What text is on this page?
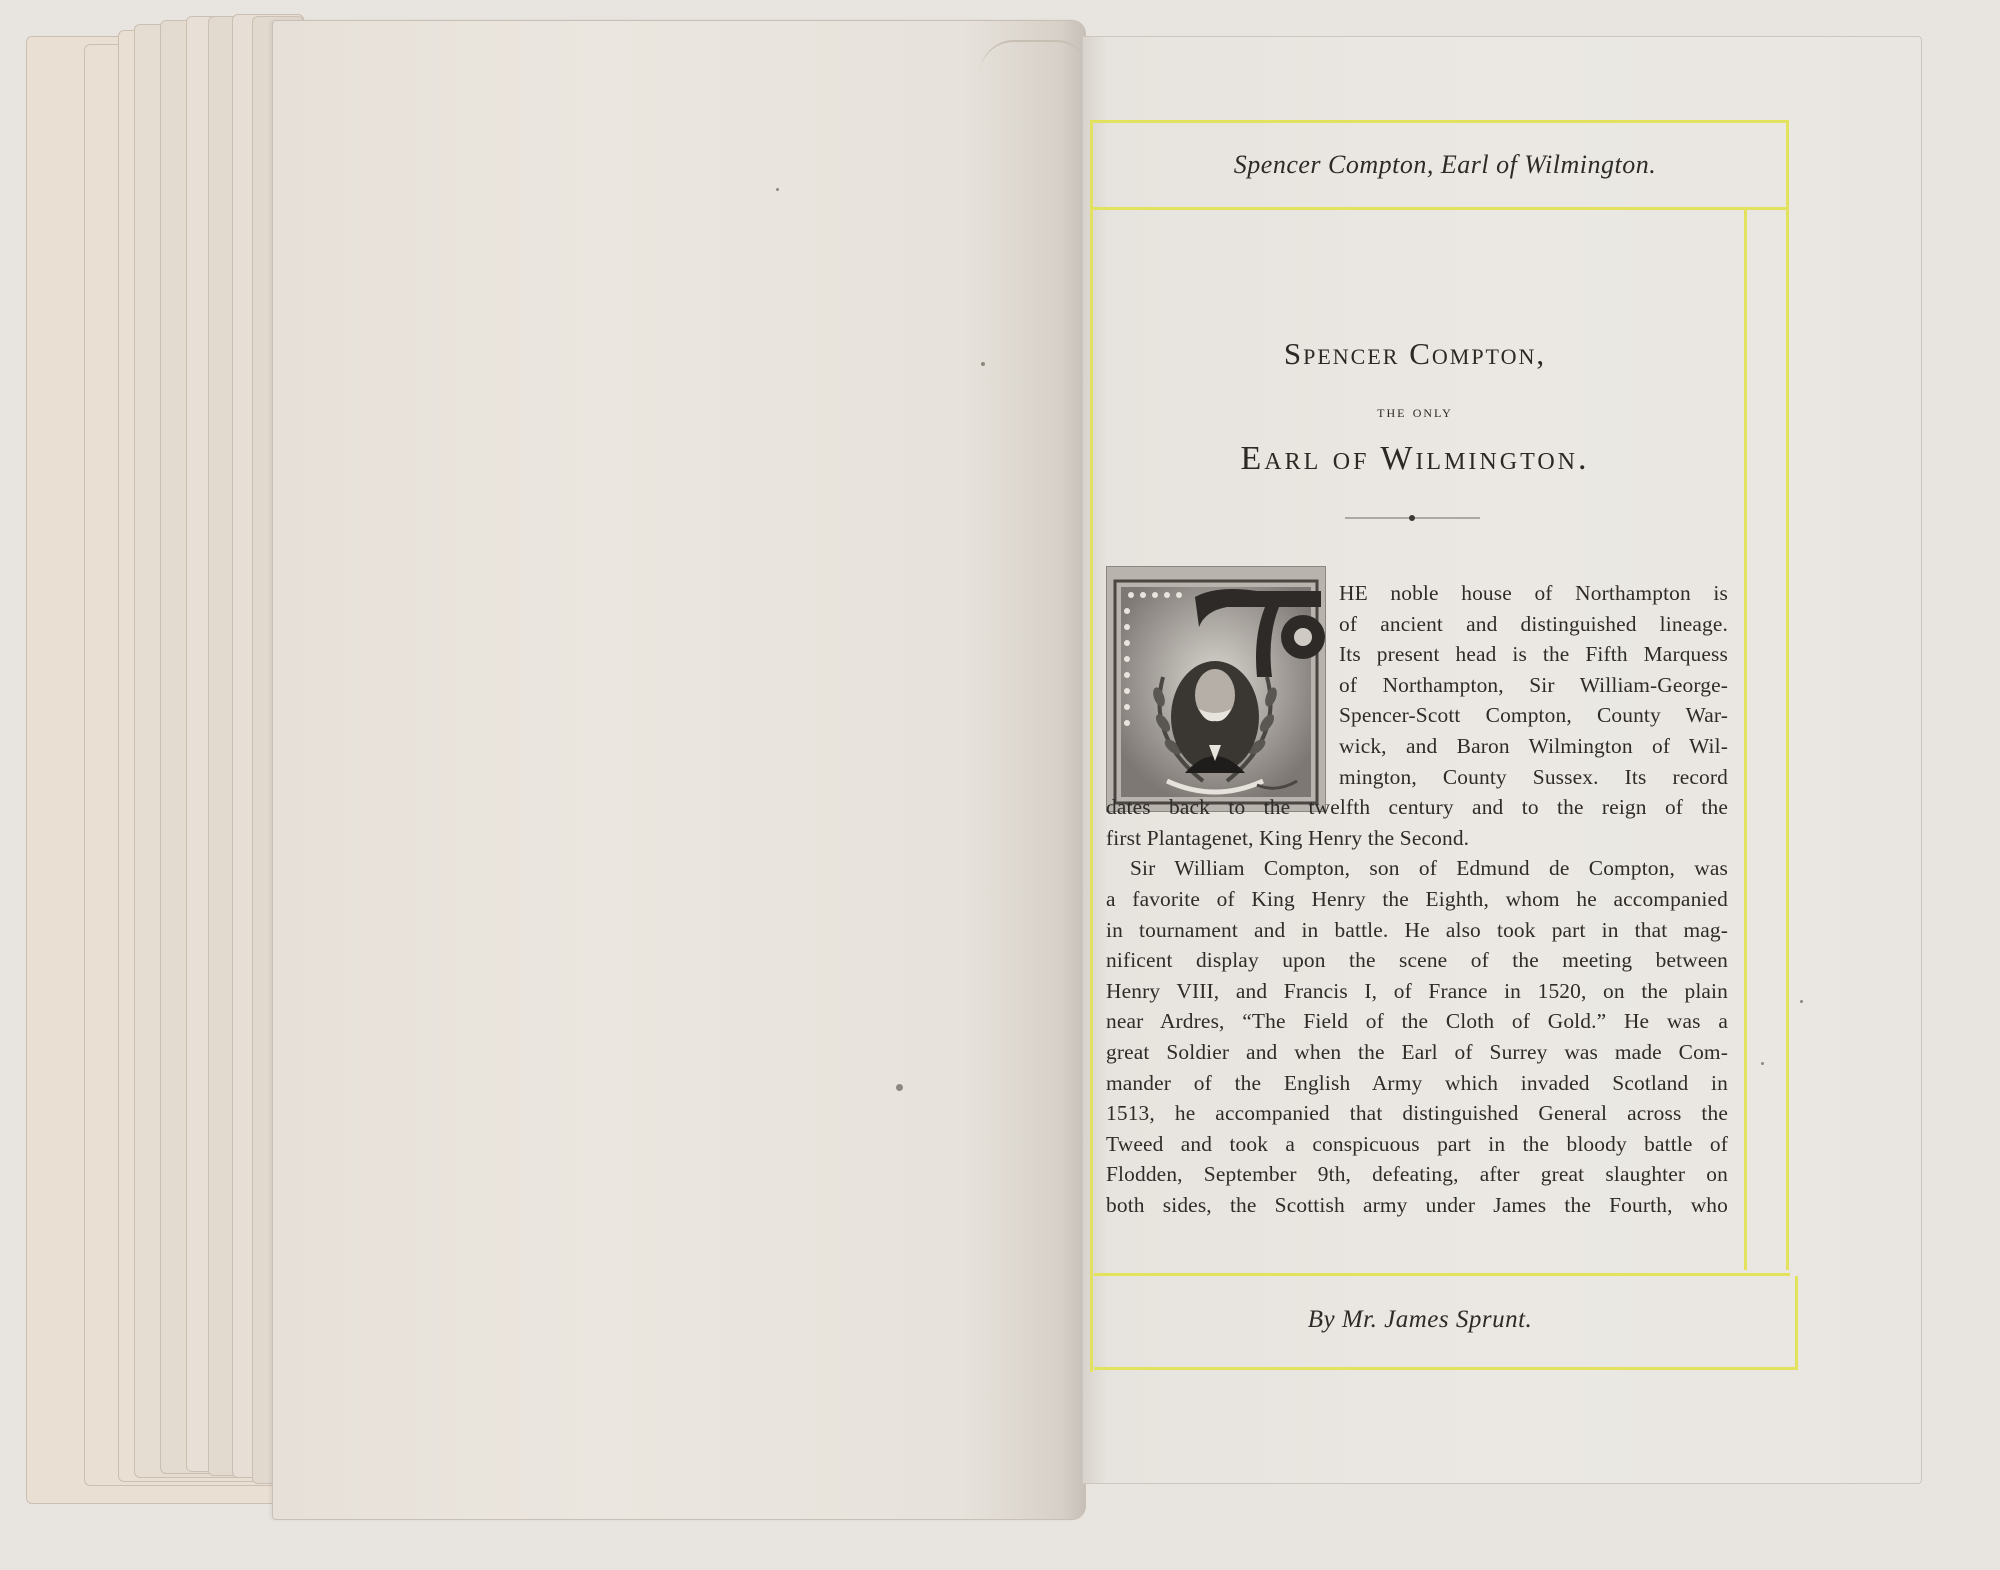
Spencer Compton, Earl of Wilmington.
Spencer Compton,
the only
Earl of Wilmington.
HE noble house of Northampton is
of ancient and distinguished lineage.
Its present head is the Fifth Marquess
of Northampton, Sir William-George-
Spencer-Scott Compton, County War-
wick, and Baron Wilmington of Wil-
mington, County Sussex. Its record
dates back to the twelfth century and to the reign of the
first Plantagenet, King Henry the Second.
Sir William Compton, son of Edmund de Compton, was
a favorite of King Henry the Eighth, whom he accompanied
in tournament and in battle. He also took part in that mag-
nificent display upon the scene of the meeting between
Henry VIII, and Francis I, of France in 1520, on the plain
near Ardres, “The Field of the Cloth of Gold.” He was a
great Soldier and when the Earl of Surrey was made Com-
mander of the English Army which invaded Scotland in
1513, he accompanied that distinguished General across the
Tweed and took a conspicuous part in the bloody battle of
Flodden, September 9th, defeating, after great slaughter on
both sides, the Scottish army under James the Fourth, who
By Mr. James Sprunt.
